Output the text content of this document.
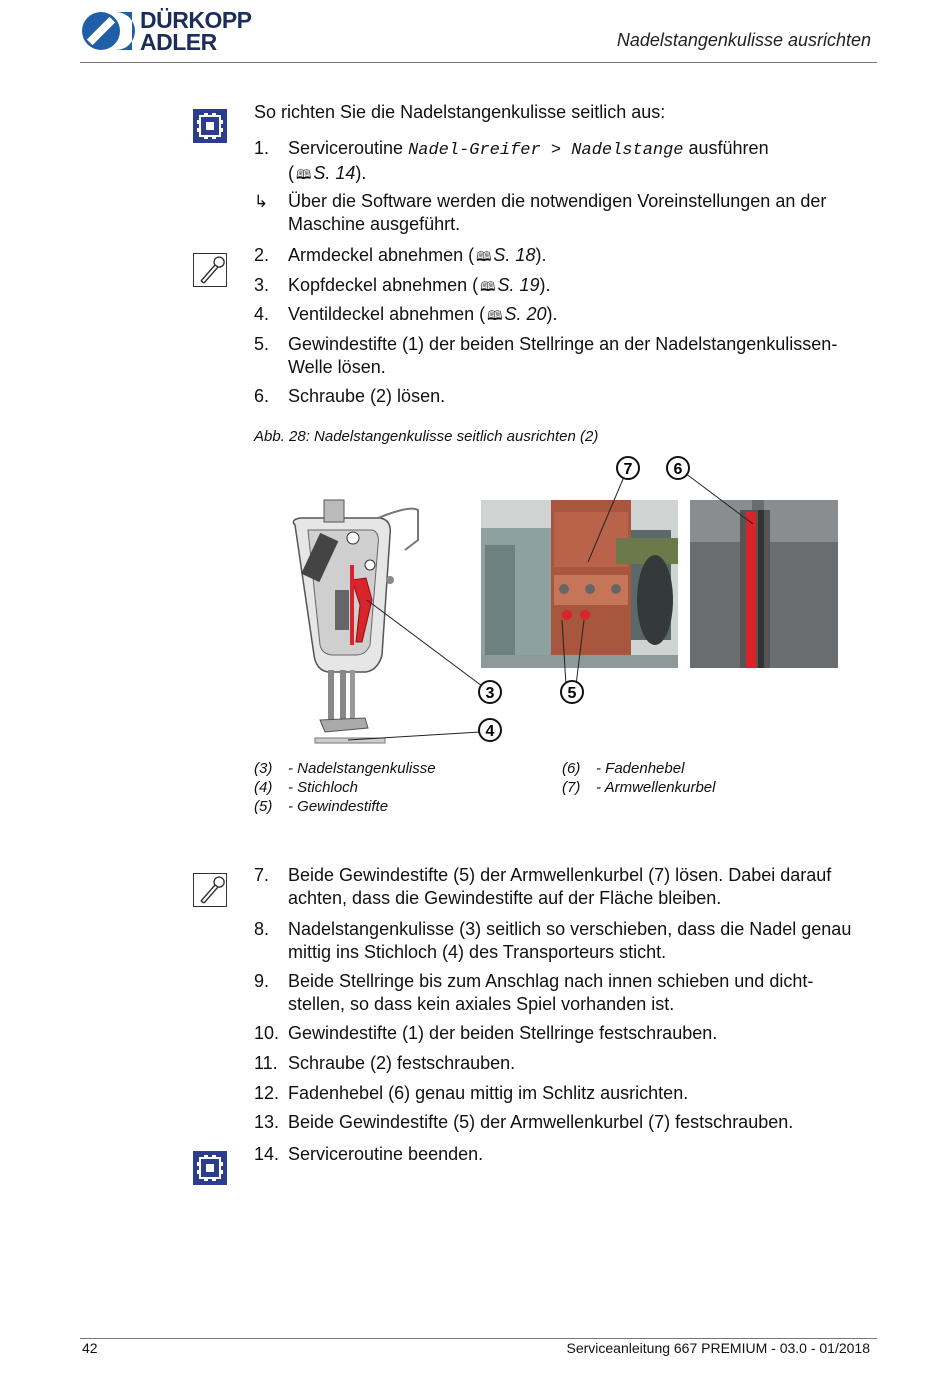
DÜRKOPP
ADLER	Nadelstangenkulisse ausrichten
So richten Sie die Nadelstangenkulisse seitlich aus:
1. Serviceroutine Nadel-Greifer > Nadelstange ausführen
( 🕮 S. 14).
↳ Über die Software werden die notwendigen Voreinstellungen an der Maschine ausgeführt.
2. Armdeckel abnehmen ( 🕮 S. 18).
3. Kopfdeckel abnehmen ( 🕮 S. 19).
4. Ventildeckel abnehmen ( 🕮 S. 20).
5. Gewindestifte (1) der beiden Stellringe an der Nadelstangenkulissen-Welle lösen.
6. Schraube (2) lösen.
Abb. 28: Nadelstangenkulisse seitlich ausrichten (2)
7	6
3	5
4
(3) - Nadelstangenkulisse
(4) - Stichloch
(5) - Gewindestifte
(6) - Fadenhebel
(7) - Armwellenkurbel
7. Beide Gewindestifte (5) der Armwellenkurbel (7) lösen. Dabei darauf achten, dass die Gewindestifte auf der Fläche bleiben.
8. Nadelstangenkulisse (3) seitlich so verschieben, dass die Nadel genau mittig ins Stichloch (4) des Transporteurs sticht.
9. Beide Stellringe bis zum Anschlag nach innen schieben und dicht-stellen, so dass kein axiales Spiel vorhanden ist.
10. Gewindestifte (1) der beiden Stellringe festschrauben.
11. Schraube (2) festschrauben.
12. Fadenhebel (6) genau mittig im Schlitz ausrichten.
13. Beide Gewindestifte (5) der Armwellenkurbel (7) festschrauben.
14. Serviceroutine beenden.
42	Serviceanleitung 667 PREMIUM - 03.0 - 01/2018
